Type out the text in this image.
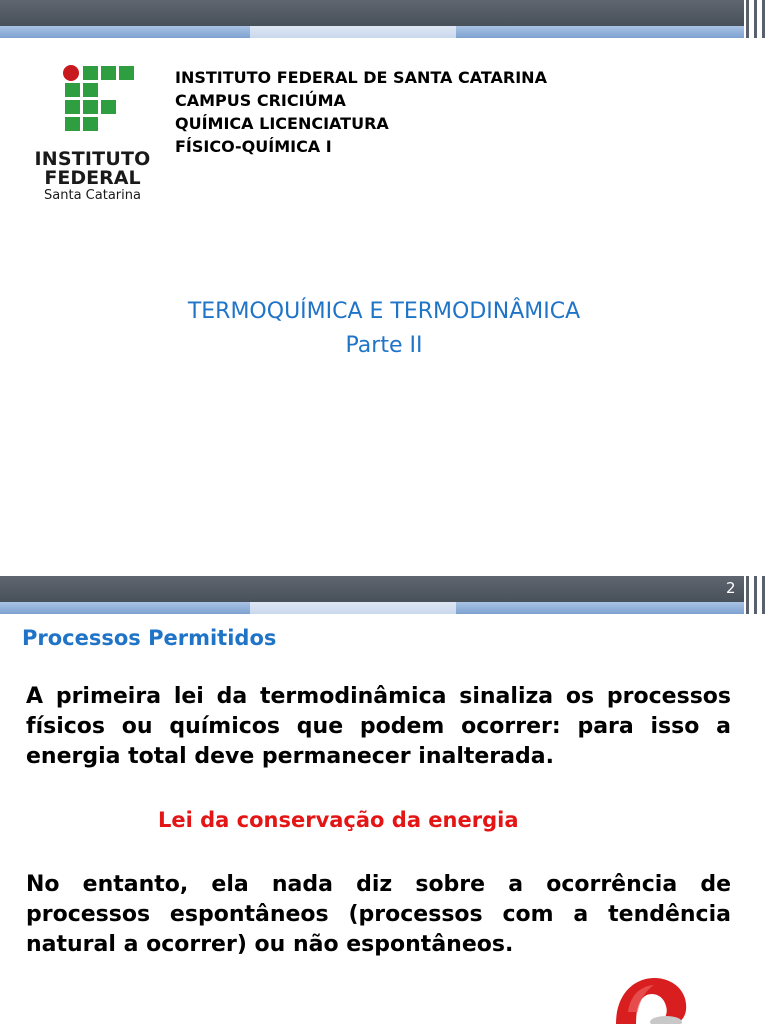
INSTITUTO
FEDERAL
Santa Catarina
INSTITUTO FEDERAL DE SANTA CATARINA
CAMPUS CRICIÚMA
QUÍMICA LICENCIATURA
FÍSICO-QUÍMICA I
TERMOQUÍMICA E TERMODINÂMICA
Parte II
2
Processos Permitidos
A primeira lei da termodinâmica sinaliza os processos físicos ou químicos que podem ocorrer: para isso a energia total deve permanecer inalterada.
Lei da conservação da energia
No entanto, ela nada diz sobre a ocorrência de processos espontâneos (processos com a tendência natural a ocorrer) ou não espontâneos.
